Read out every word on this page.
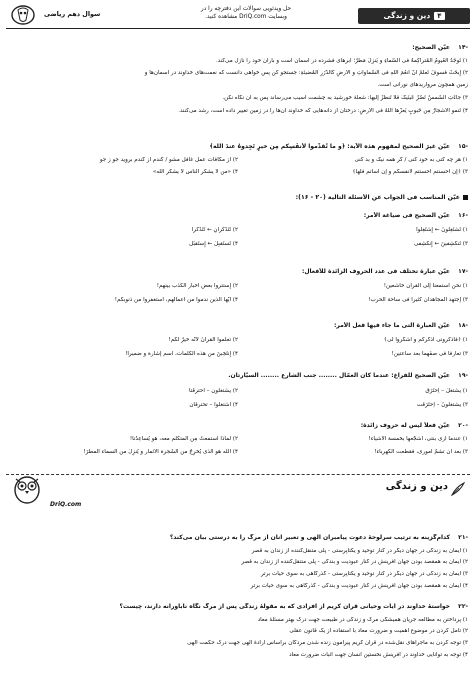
۴
دین و زندگی
حل ویدئویی سوالات این دفترچه را در
وبسایت DriQ.com مشاهده کنید.
سوال دهم ریاضی
-۱۴عیّن الصحیح:
۱) تَوجَدُ الغُیومُ المُتراکِمةُ فی السَّماءِ و یَنزِلُ مَطَرٌ؛ ابرهای فشرده در آسمان است و باران خود را نازل می‌کند.
۲) إِبحَثْ فَسوفَ تَعلَمُ أنَّ أَنعُمَ اللهِ فی السَّماواتِ و الأرضِ کالدُّرَرِ المُضیئَةِ: جستجو کن پس خواهی دانست که نعمت‌های خداوند در آسمان‌ها و
زمین همچون مرواریدهای نورانی است.
۳) جاءَتِ الشَّمسُ تَضُرُّ عَینَیکَ فَلا تَنظُرْ إلیها: شعلهٔ خورشید به چشمت آسیب می‌رساند پس به آن نگاه نکن.
۴) تَنمو الأشجارُ مِن حَبوبٍ یَعزُّها اللهُ فی الأرضِ: درختان از دانه‌هایی که خداوند آن‌ها را در زمین تغییر داده است، رشد می‌کنند.
-۱۵عیّن غیرَ الصحیح لمفهوم هذه الآیة: ﴿و ما تُقدِّموا لأنفُسِکم مِن خیرٍ تَجِدوهُ عندَ الله﴾
۱) هر چه کنی به خود کنی / گر همه نیک و بد کنی
۲) از مکافات عمل غافل مشو / گندم از گندم بروید جو ز جو
۳) ﴿إن أحسنتم أحسنتم لأنفسکم و إن أسأتم فلها﴾
۴) «من لا یشکر الناس لا یشکر الله»
عیّن المناسب فی الجواب عن الأسئلة التالیة (۲۰ - ۱۶):
-۱۶عیّن الصحیح فی صیاغة الأمر:
۱) تَشتَغِلونَ ← إِشتَغِلوا
۲) تَتَذَکَّرانِ ← تَتَذَکَّرا
۳) تَنکَشِفینَ ← إِنکَشِفی
۴) تَستَقبِلُ ← إِستَقبَلْ
-۱۷عیّن عبارة تختلف فی عدد الحروف الزائدة للأفعال:
۱) نحن استمعنا إلی القرآن خاشعین!
۲) إِستتروا بعض أخبار الکذب بینهم!
۳) إجتهد المجاهدان کثیراً فی ساحة الحرب!
۴) أیّها الّذین ندموا من أعمالهم، استغفروا من ذنوبکم!
-۱۸عیّن العبارة الّتی ما جاء فیها فعل الأمر:
۱) ﴿فاذکرونی أذکرکم و اشکروا لی﴾
۲) تعلّموا القرآنَ لأنّه خیرٌ لکم!
۳) تعارفا فی صفّهما بعد ساعتین!
۴) إِنتَخِبنَ من هذه الکلمات، اسم إشارة و ضمیراً!
-۱۹عیّن الصحیح للفراغ: عندما کان العمّال ........ جنب الشارع ........ السیّارتان.
۱) یشتغلُ – اِحتَرَق
۲) یشتغلون – احترقَتا
۳) یشتغلونَ – اِحتَرَقَت
۴) اشتغلوا – تحترقان
-۲۰عیّن فعلاً لیس له حروف زائدة:
۱) عندما أری بنتی، أشجّعها بخمسة الأشیاء!
۲) لماذا استمعتُ مِن المتکلّم معه، هو یُساعِدُنا!
۳) بعد أن تشمّ أموری، فقطعت الکهرباء!
۴) الله هو الّذی یُخرِجُ من الشّجرة الأثمار و یُنزِلُ من السماء المطرَ!
دین و زندگی
DriQ.com
-۲۱کدام‌گزینه به ترتیب سرلوحهٔ دعوت پیامبران الهی و تعبیر آنان از مرگ را به درستی بیان می‌کند؟
۱) ایمان به زندگی در جهان دیگر در کنار توحید و یکتاپرستی - پلی متنقل‌کننده از زندان به قصر
۲) ایمان به همقصد بودن جهان آفرینش در کنار عبودیت و بندگی - پلی متنقل‌کننده از زندان به قصر
۳) ایمان به زندگی در جهان دیگر در کنار توحید و یکتاپرستی - گذرگاهی به سوی حیات برتر
۴) ایمان به همقصد بودن جهان آفرینش در کنار عبودیت و بندگی - گذرگاهی به سوی حیات برتر
-۲۲خواستهٔ خداوند در آیات وحیانی قرآن کریم از افرادی که به مقولهٔ زندگی پس از مرگ نگاه ناباورانه دارند، چیست؟
۱) پرداختن به مطالعه جریان همیشگی مرگ و زندگی در طبیعت جهت درک بهتر مسئلهٔ معاد
۲) تأمل کردن در موضوع اهمیت و ضرورت معاد با استفاده از یک قانون عقلی
۳) توجه کردن به ماجراهای نقل‌شده در قرآن کریم پیرامون زنده شدن مردگان براساس ارادهٔ الهی جهت درک حکمت الهی
۴) توجه به توانایی خداوند در آفرینش نخستین انسان جهت اثبات ضرورت معاد
